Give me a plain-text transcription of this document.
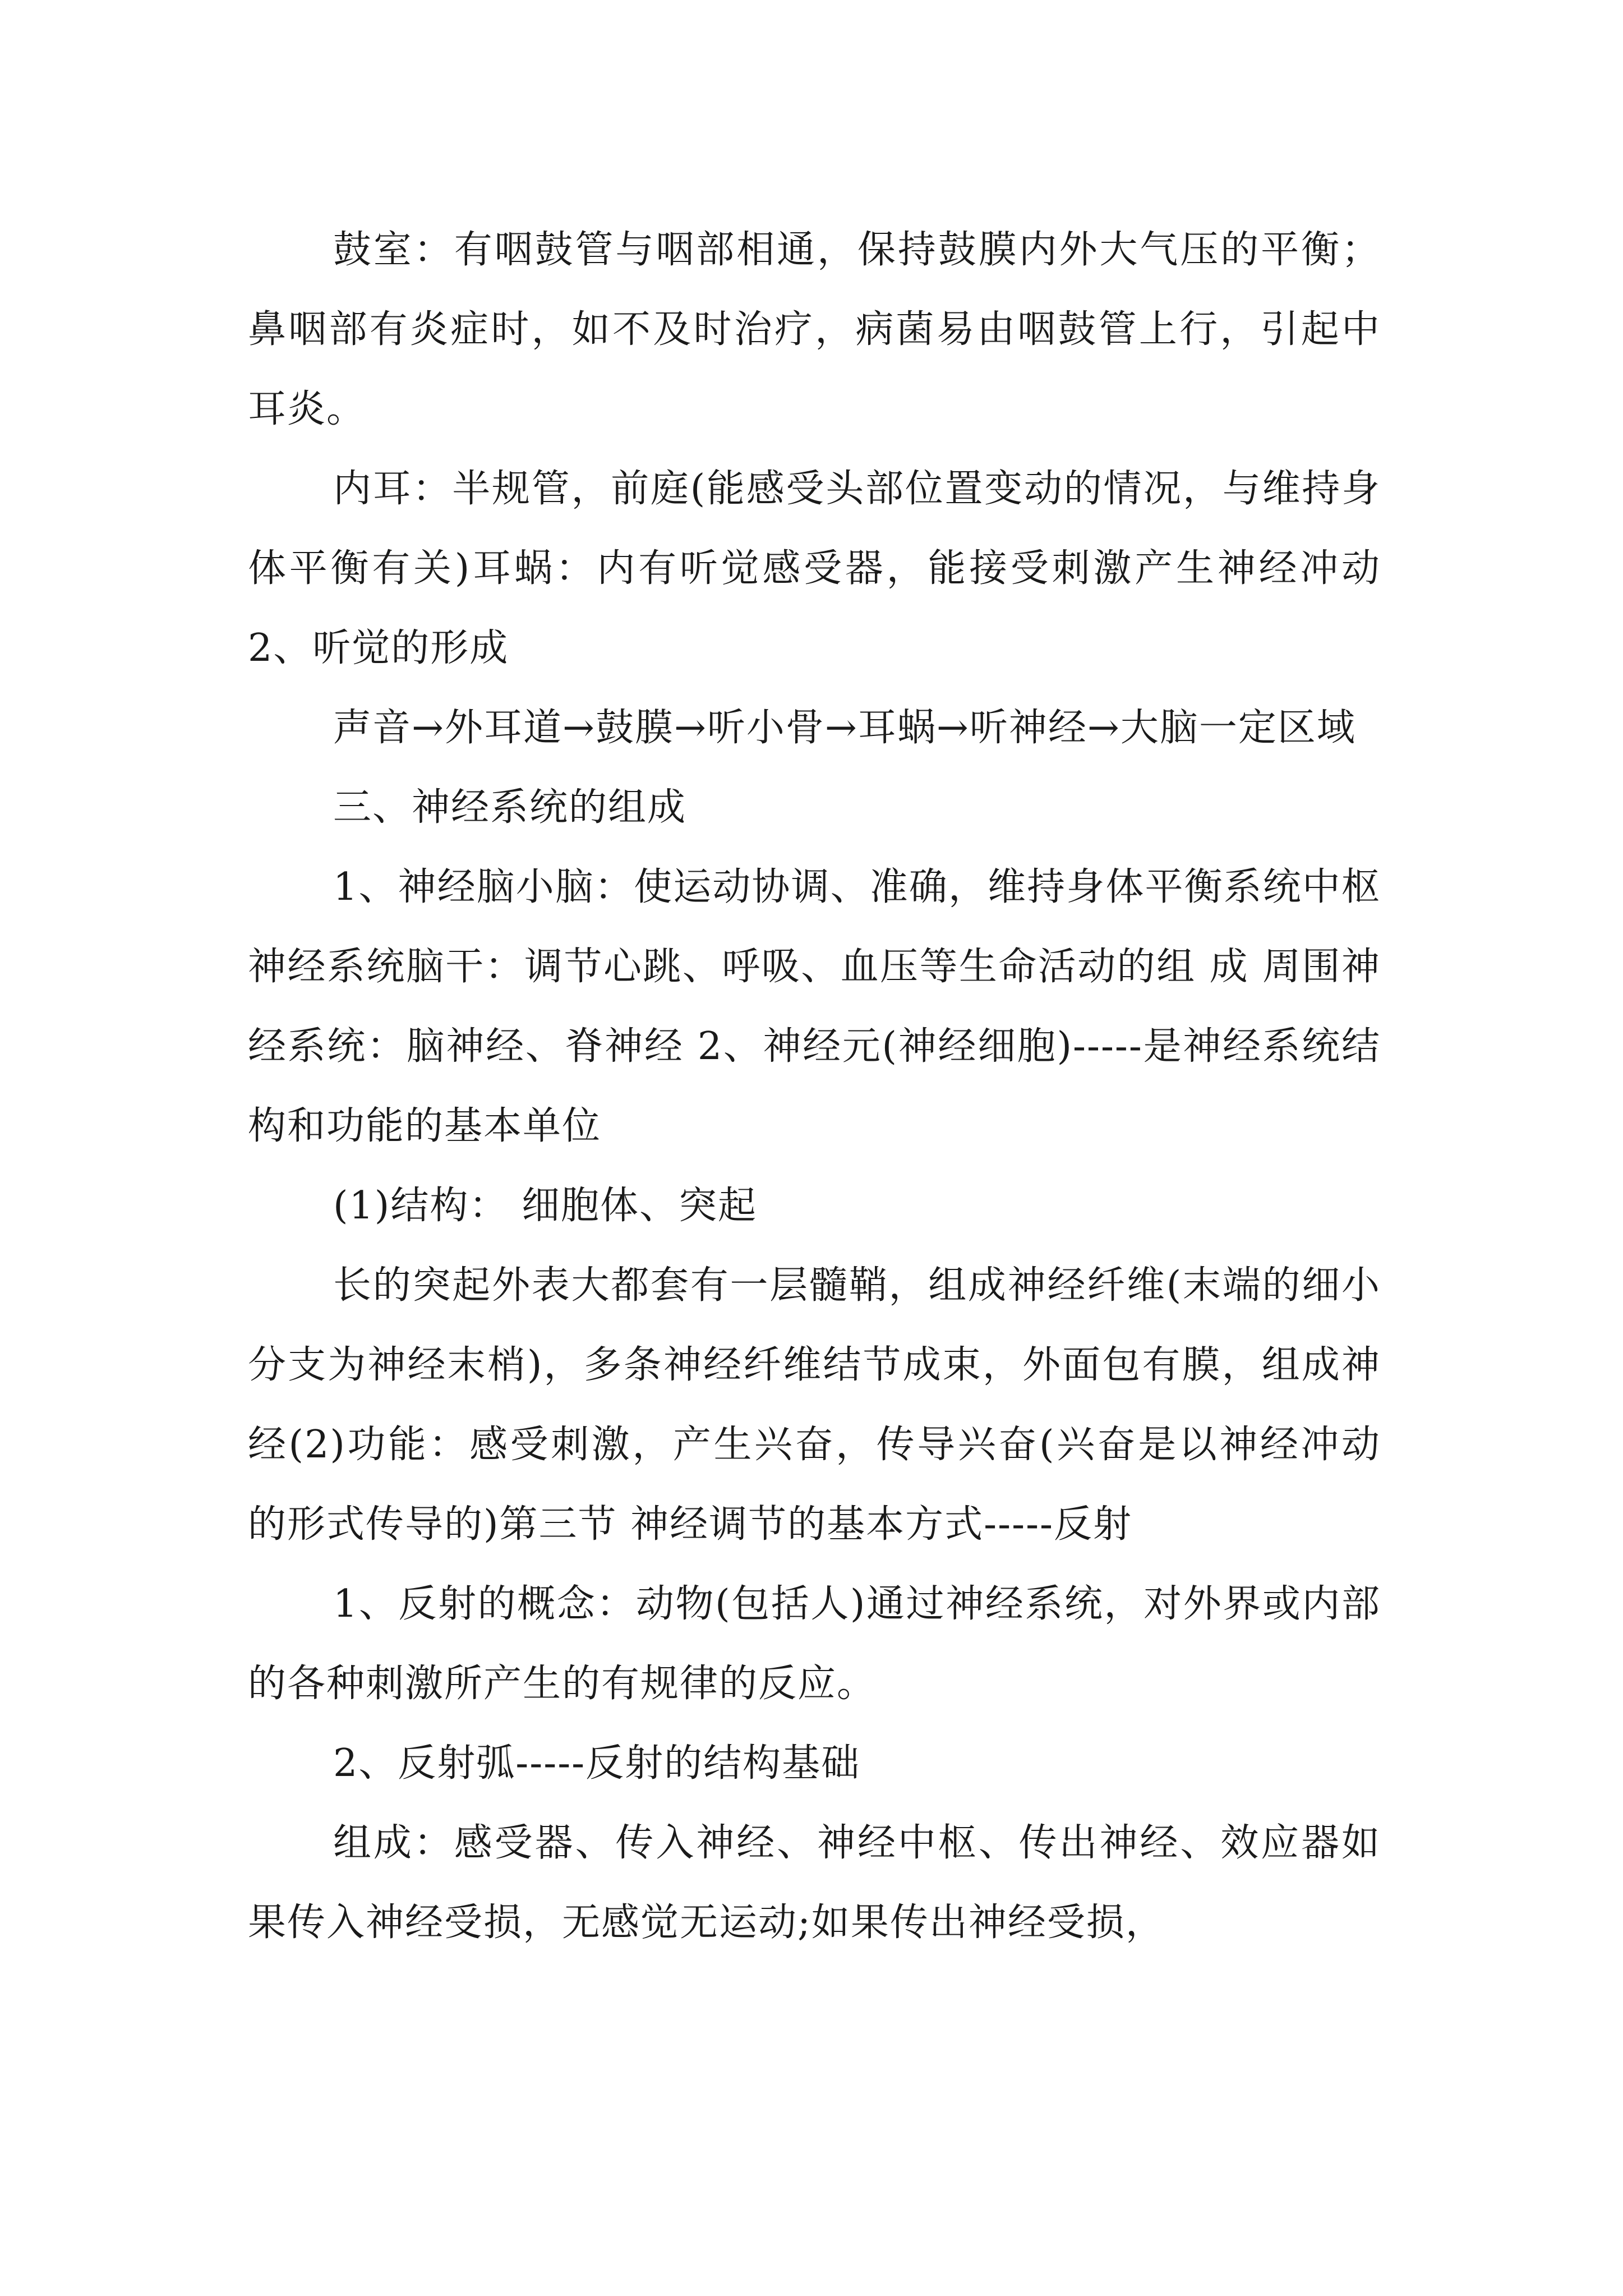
鼓室：有咽鼓管与咽部相通，保持鼓膜内外大气压的平衡；鼻咽部有炎症时，如不及时治疗，病菌易由咽鼓管上行，引起中耳炎。

内耳：半规管，前庭(能感受头部位置变动的情况，与维持身体平衡有关)耳蜗：内有听觉感受器，能接受刺激产生神经冲动 2、听觉的形成

声音→外耳道→鼓膜→听小骨→耳蜗→听神经→大脑一定区域

三、神经系统的组成

1、神经脑小脑：使运动协调、准确，维持身体平衡系统中枢神经系统脑干：调节心跳、呼吸、血压等生命活动的组 成 周围神经系统：脑神经、脊神经 2、神经元(神经细胞)-----是神经系统结构和功能的基本单位

(1)结构： 细胞体、突起

长的突起外表大都套有一层髓鞘，组成神经纤维(末端的细小分支为神经末梢)，多条神经纤维结节成束，外面包有膜，组成神经(2)功能：感受刺激，产生兴奋，传导兴奋(兴奋是以神经冲动的形式传导的)第三节 神经调节的基本方式-----反射

1、反射的概念：动物(包括人)通过神经系统，对外界或内部的各种刺激所产生的有规律的反应。

2、反射弧-----反射的结构基础

组成：感受器、传入神经、神经中枢、传出神经、效应器如果传入神经受损，无感觉无运动;如果传出神经受损，
